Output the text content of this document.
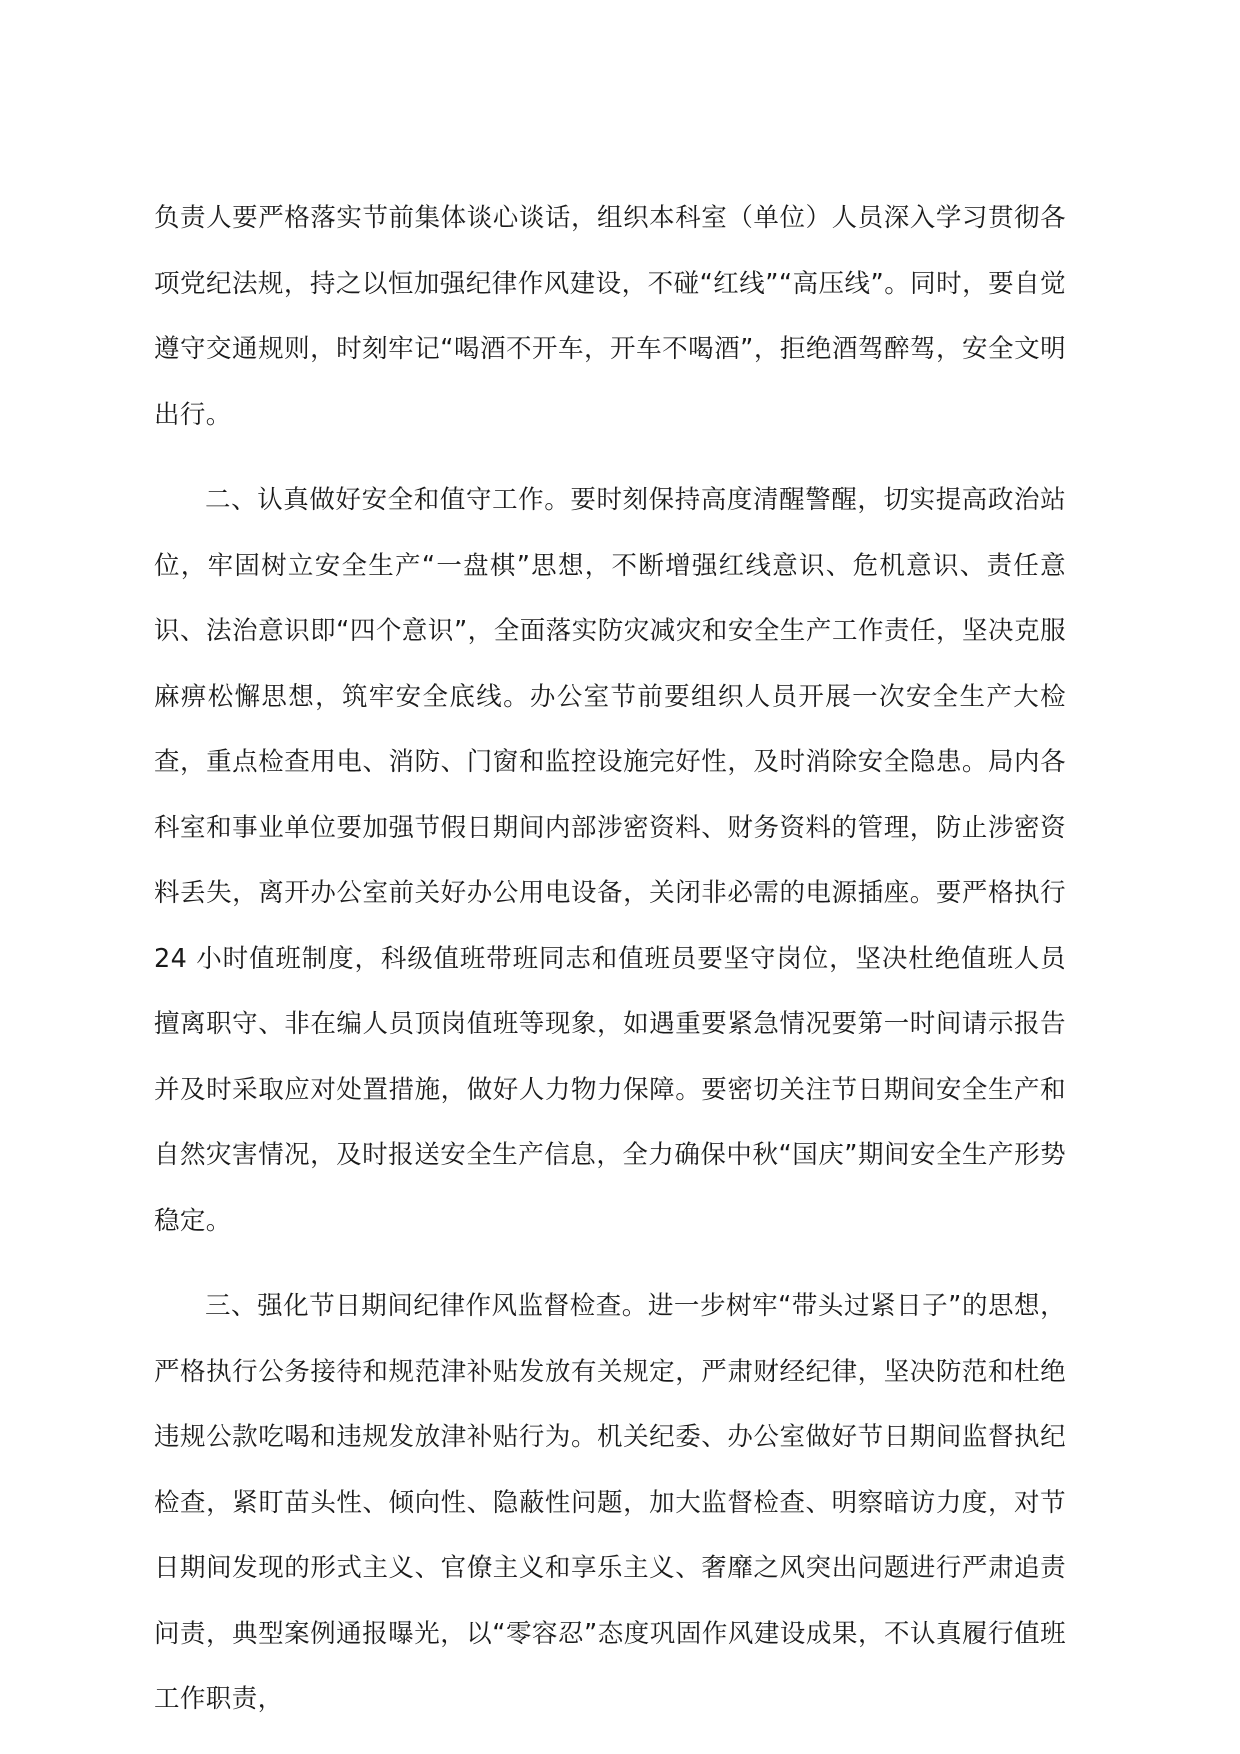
负责人要严格落实节前集体谈心谈话，组织本科室（单位）人员深入学习贯彻各项党纪法规，持之以恒加强纪律作风建设，不碰“红线”“高压线”。同时，要自觉遵守交通规则，时刻牢记“喝酒不开车，开车不喝酒”，拒绝酒驾醉驾，安全文明出行。

二、认真做好安全和值守工作。要时刻保持高度清醒警醒，切实提高政治站位，牢固树立安全生产“一盘棋”思想，不断增强红线意识、危机意识、责任意识、法治意识即“四个意识”，全面落实防灾减灾和安全生产工作责任，坚决克服麻痹松懈思想，筑牢安全底线。办公室节前要组织人员开展一次安全生产大检查，重点检查用电、消防、门窗和监控设施完好性，及时消除安全隐患。局内各科室和事业单位要加强节假日期间内部涉密资料、财务资料的管理，防止涉密资料丢失，离开办公室前关好办公用电设备，关闭非必需的电源插座。要严格执行 24 小时值班制度，科级值班带班同志和值班员要坚守岗位，坚决杜绝值班人员擅离职守、非在编人员顶岗值班等现象，如遇重要紧急情况要第一时间请示报告并及时采取应对处置措施，做好人力物力保障。要密切关注节日期间安全生产和自然灾害情况，及时报送安全生产信息，全力确保中秋“国庆”期间安全生产形势稳定。

三、强化节日期间纪律作风监督检查。进一步树牢“带头过紧日子”的思想，严格执行公务接待和规范津补贴发放有关规定，严肃财经纪律，坚决防范和杜绝违规公款吃喝和违规发放津补贴行为。机关纪委、办公室做好节日期间监督执纪检查，紧盯苗头性、倾向性、隐蔽性问题，加大监督检查、明察暗访力度，对节日期间发现的形式主义、官僚主义和享乐主义、奢靡之风突出问题进行严肃追责问责，典型案例通报曝光，以“零容忍”态度巩固作风建设成果，不认真履行值班工作职责，
